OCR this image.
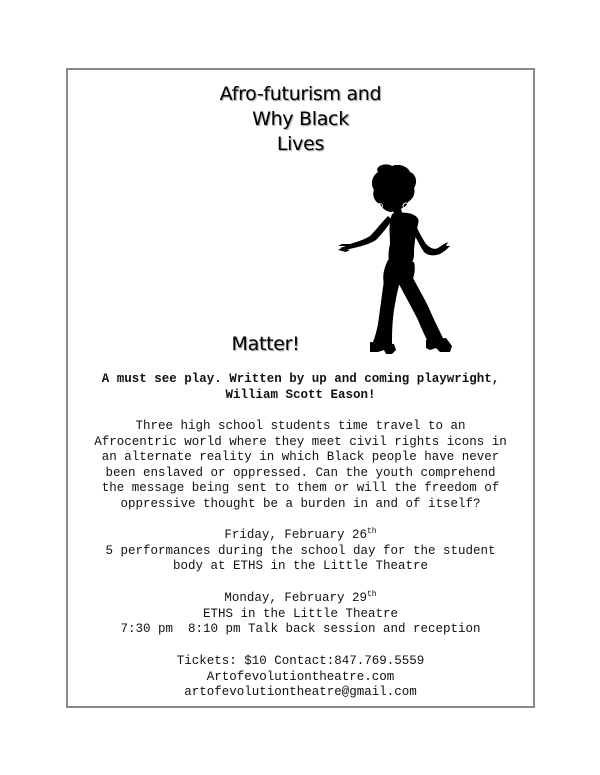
Afro-futurism and
Why Black
Lives
Matter!
A must see play. Written by up and coming playwright,
William Scott Eason!
Three high school students time travel to an
Afrocentric world where they meet civil rights icons in
an alternate reality in which Black people have never
been enslaved or oppressed. Can the youth comprehend
the message being sent to them or will the freedom of
oppressive thought be a burden in and of itself?
Friday, February 26th
5 performances during the school day for the student
body at ETHS in the Little Theatre
Monday, February 29th
ETHS in the Little Theatre
7:30 pm  8:10 pm Talk back session and reception
Tickets: $10 Contact:847.769.5559
Artofevolutiontheatre.com
artofevolutiontheatre@gmail.com
